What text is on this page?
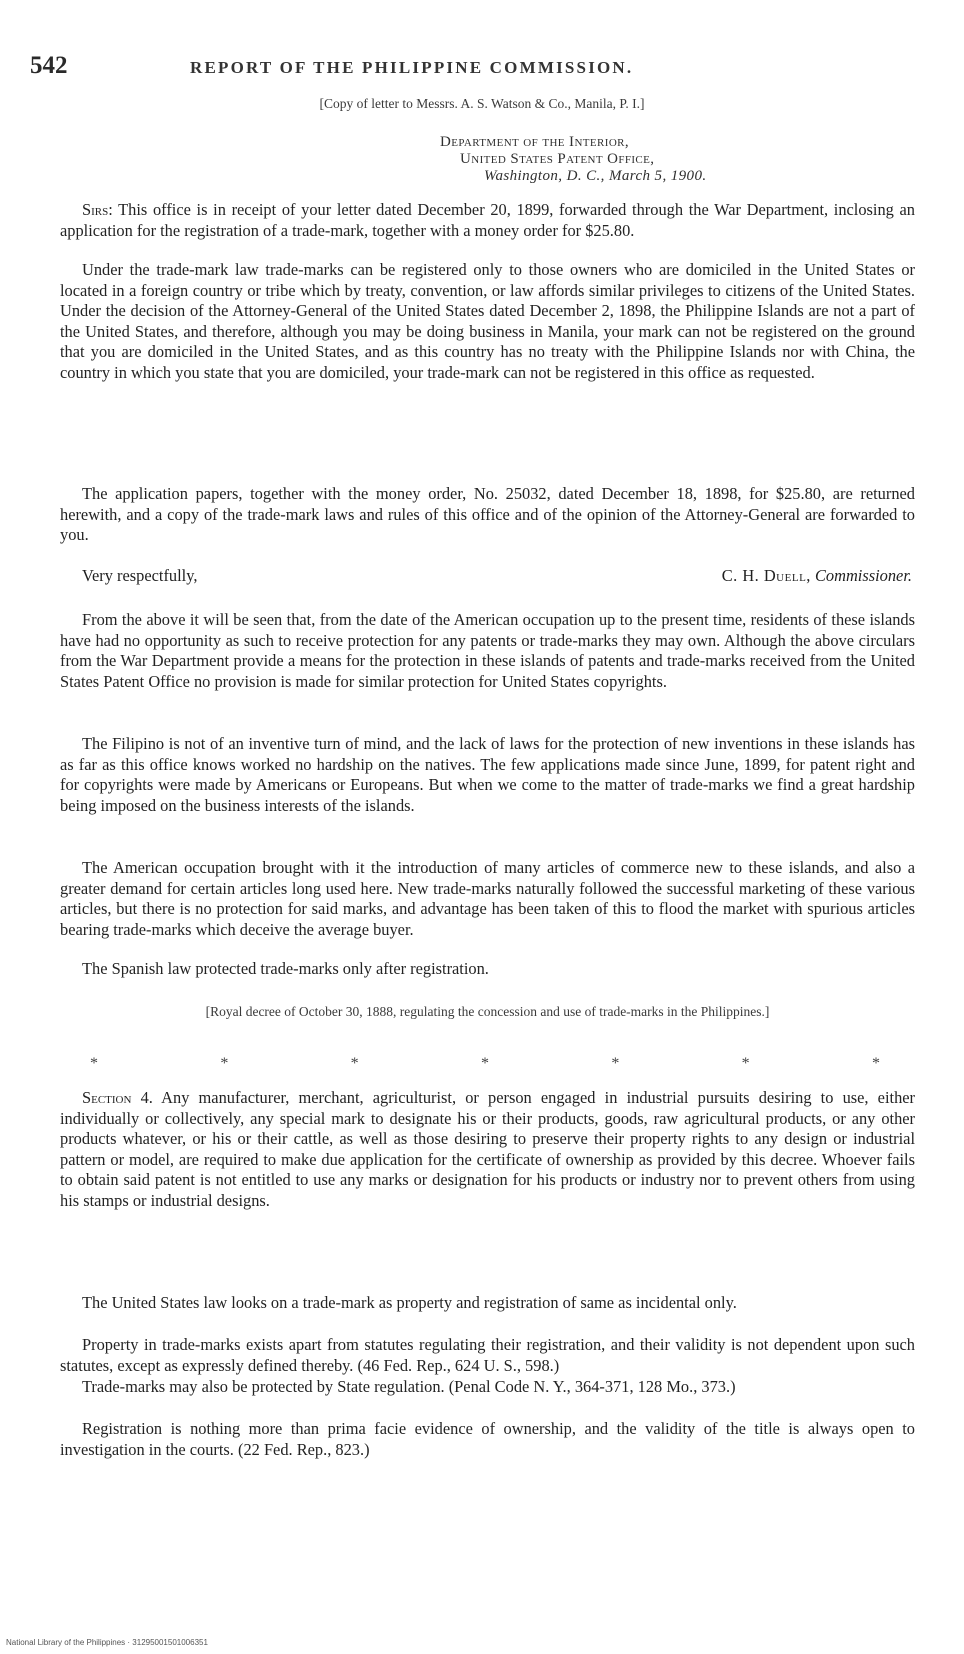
542	REPORT OF THE PHILIPPINE COMMISSION.
[Copy of letter to Messrs. A. S. Watson & Co., Manila, P. I.]
Department of the Interior,
United States Patent Office,
Washington, D. C., March 5, 1900.

Sirs: This office is in receipt of your letter dated December 20, 1899, forwarded through the War Department, inclosing an application for the registration of a trade-mark, together with a money order for $25.80.

Under the trade-mark law trade-marks can be registered only to those owners who are domiciled in the United States or located in a foreign country or tribe which by treaty, convention, or law affords similar privileges to citizens of the United States. Under the decision of the Attorney-General of the United States dated December 2, 1898, the Philippine Islands are not a part of the United States, and therefore, although you may be doing business in Manila, your mark can not be registered on the ground that you are domiciled in the United States, and as this country has no treaty with the Philippine Islands nor with China, the country in which you state that you are domiciled, your trade-mark can not be registered in this office as requested.

The application papers, together with the money order, No. 25032, dated December 18, 1898, for $25.80, are returned herewith, and a copy of the trade-mark laws and rules of this office and of the opinion of the Attorney-General are forwarded to you.

Very respectfully,	C. H. Duell, Commissioner.

From the above it will be seen that, from the date of the American occupation up to the present time, residents of these islands have had no opportunity as such to receive protection for any patents or trade-marks they may own. Although the above circulars from the War Department provide a means for the protection in these islands of patents and trade-marks received from the United States Patent Office no provision is made for similar protection for United States copyrights.

The Filipino is not of an inventive turn of mind, and the lack of laws for the protection of new inventions in these islands has as far as this office knows worked no hardship on the natives. The few applications made since June, 1899, for patent right and for copyrights were made by Americans or Europeans. But when we come to the matter of trade-marks we find a great hardship being imposed on the business interests of the islands.

The American occupation brought with it the introduction of many articles of commerce new to these islands, and also a greater demand for certain articles long used here. New trade-marks naturally followed the successful marketing of these various articles, but there is no protection for said marks, and advantage has been taken of this to flood the market with spurious articles bearing trade-marks which deceive the average buyer.

The Spanish law protected trade-marks only after registration.

[Royal decree of October 30, 1888, regulating the concession and use of trade-marks in the Philippines.]
*	*	*	*	*	*	*

Section 4. Any manufacturer, merchant, agriculturist, or person engaged in industrial pursuits desiring to use, either individually or collectively, any special mark to designate his or their products, goods, raw agricultural products, or any other products whatever, or his or their cattle, as well as those desiring to preserve their property rights to any design or industrial pattern or model, are required to make due application for the certificate of ownership as provided by this decree. Whoever fails to obtain said patent is not entitled to use any marks or designation for his products or industry nor to prevent others from using his stamps or industrial designs.

The United States law looks on a trade-mark as property and registration of same as incidental only.

Property in trade-marks exists apart from statutes regulating their registration, and their validity is not dependent upon such statutes, except as expressly defined thereby. (46 Fed. Rep., 624 U. S., 598.)

Trade-marks may also be protected by State regulation. (Penal Code N. Y., 364-371, 128 Mo., 373.)

Registration is nothing more than prima facie evidence of ownership, and the validity of the title is always open to investigation in the courts. (22 Fed. Rep., 823.)

National Library of the Philippines · 31295001501006351
